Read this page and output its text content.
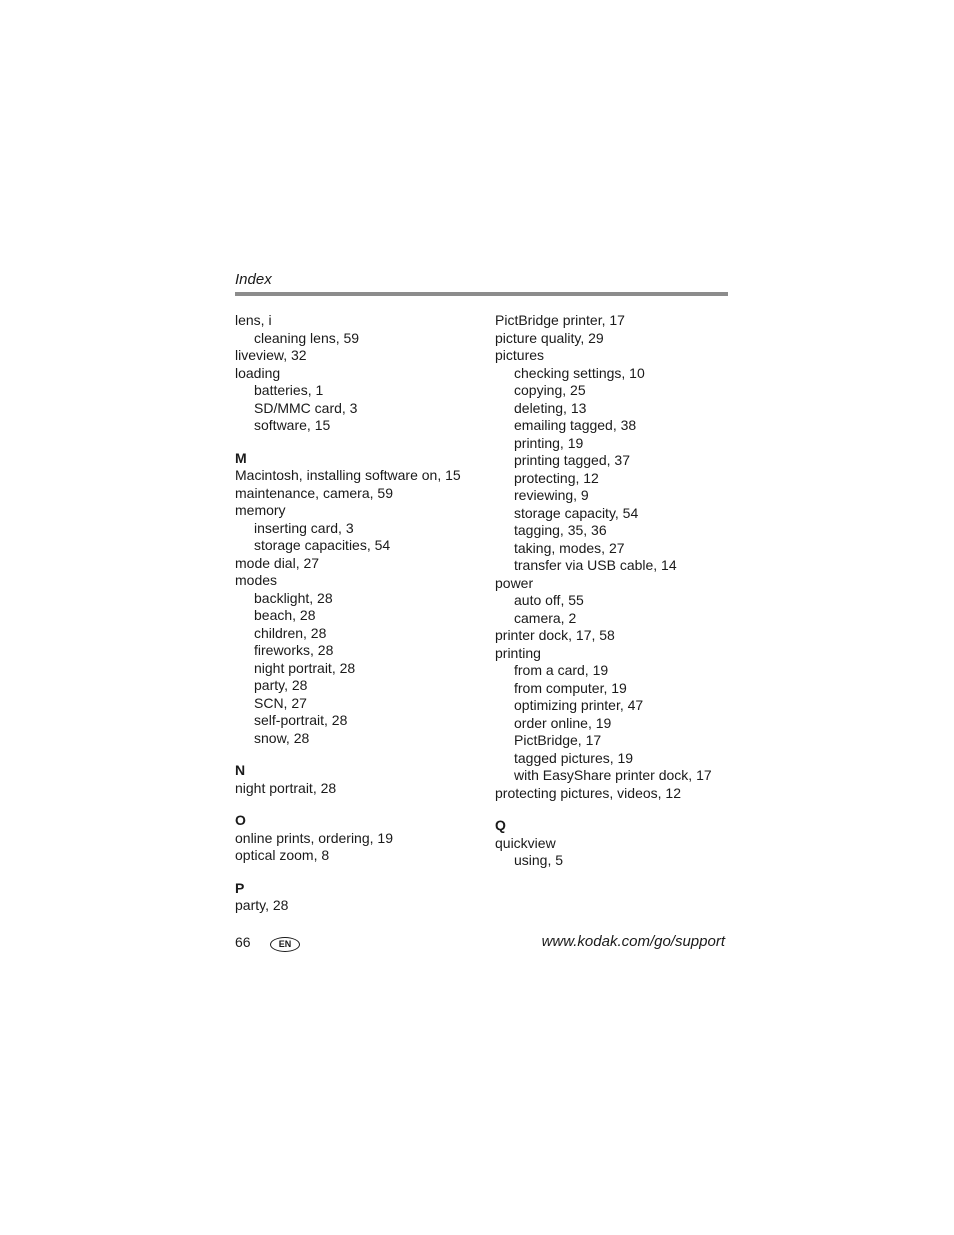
Index
lens, i
cleaning lens, 59
liveview, 32
loading
batteries, 1
SD/MMC card, 3
software, 15
M
Macintosh, installing software on, 15
maintenance, camera, 59
memory
inserting card, 3
storage capacities, 54
mode dial, 27
modes
backlight, 28
beach, 28
children, 28
fireworks, 28
night portrait, 28
party, 28
SCN, 27
self-portrait, 28
snow, 28
N
night portrait, 28
O
online prints, ordering, 19
optical zoom, 8
P
party, 28
PictBridge printer, 17
picture quality, 29
pictures
checking settings, 10
copying, 25
deleting, 13
emailing tagged, 38
printing, 19
printing tagged, 37
protecting, 12
reviewing, 9
storage capacity, 54
tagging, 35, 36
taking, modes, 27
transfer via USB cable, 14
power
auto off, 55
camera, 2
printer dock, 17, 58
printing
from a card, 19
from computer, 19
optimizing printer, 47
order online, 19
PictBridge, 17
tagged pictures, 19
with EasyShare printer dock, 17
protecting pictures, videos, 12
Q
quickview
using, 5
66	EN	www.kodak.com/go/support
